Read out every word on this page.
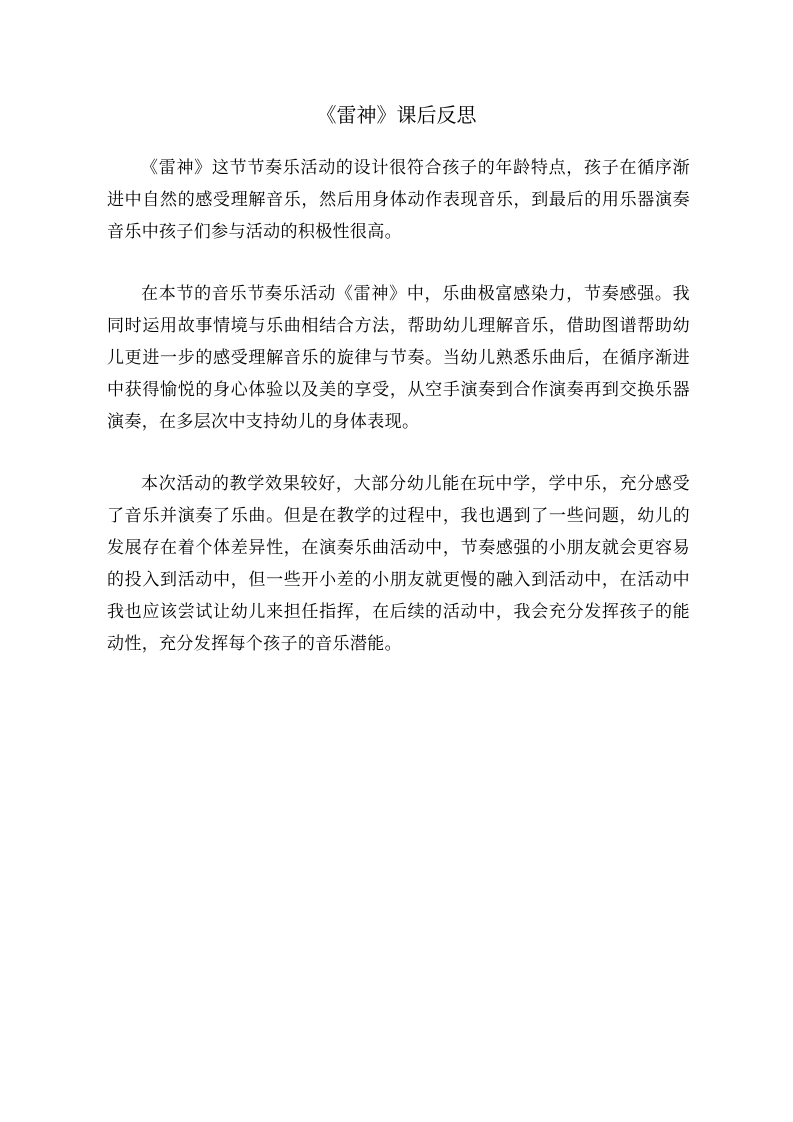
《雷神》课后反思

《雷神》这节节奏乐活动的设计很符合孩子的年龄特点，孩子在循序渐进中自然的感受理解音乐，然后用身体动作表现音乐，到最后的用乐器演奏音乐中孩子们参与活动的积极性很高。

在本节的音乐节奏乐活动《雷神》中，乐曲极富感染力，节奏感强。我同时运用故事情境与乐曲相结合方法，帮助幼儿理解音乐，借助图谱帮助幼儿更进一步的感受理解音乐的旋律与节奏。当幼儿熟悉乐曲后，在循序渐进中获得愉悦的身心体验以及美的享受，从空手演奏到合作演奏再到交换乐器演奏，在多层次中支持幼儿的身体表现。

本次活动的教学效果较好，大部分幼儿能在玩中学，学中乐，充分感受了音乐并演奏了乐曲。但是在教学的过程中，我也遇到了一些问题，幼儿的发展存在着个体差异性，在演奏乐曲活动中，节奏感强的小朋友就会更容易的投入到活动中，但一些开小差的小朋友就更慢的融入到活动中，在活动中我也应该尝试让幼儿来担任指挥，在后续的活动中，我会充分发挥孩子的能动性，充分发挥每个孩子的音乐潜能。
